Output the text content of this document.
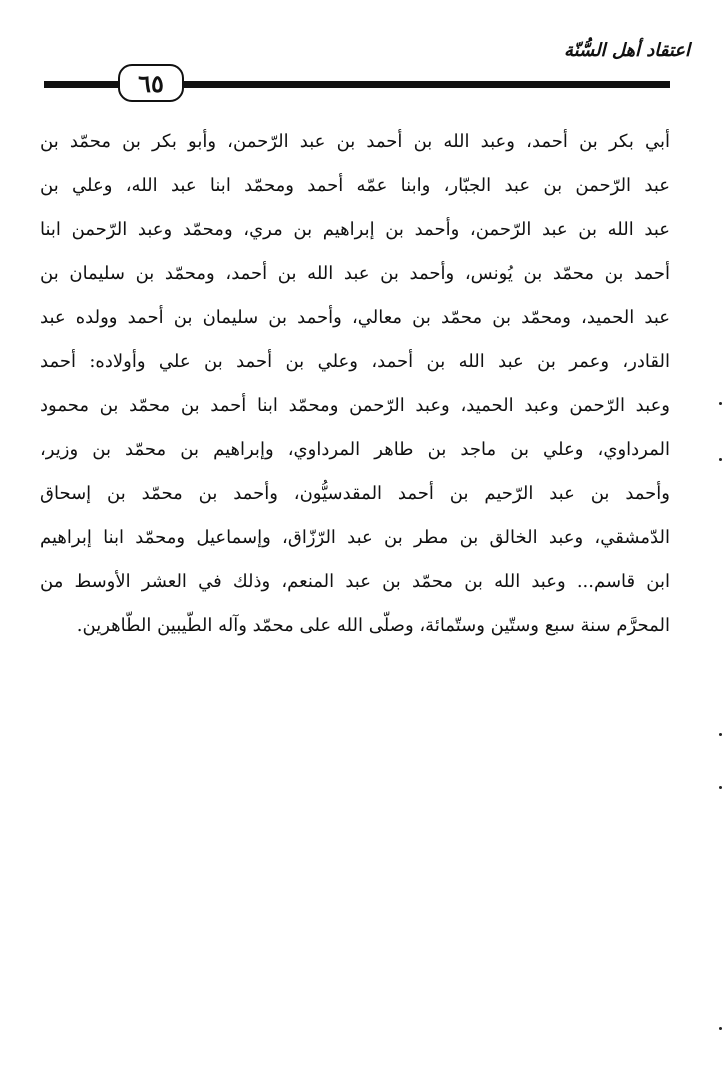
اعتقاد أهل السُّنّة
٦٥
أبي بكر بن أحمد، وعبد الله بن أحمد بن عبد الرّحمن، وأبو بكر بن محمّد بن
عبد الرّحمن بن عبد الجبّار، وابنا عمّه أحمد ومحمّد ابنا عبد الله، وعلي بن
عبد الله بن عبد الرّحمن، وأحمد بن إبراهيم بن مري، ومحمّد وعبد الرّحمن ابنا
أحمد بن محمّد بن يُونس، وأحمد بن عبد الله بن أحمد، ومحمّد بن سليمان بن
عبد الحميد، ومحمّد بن محمّد بن معالي، وأحمد بن سليمان بن أحمد وولده عبد
القادر، وعمر بن عبد الله بن أحمد، وعلي بن أحمد بن علي وأولاده: أحمد
وعبد الرّحمن وعبد الحميد، وعبد الرّحمن ومحمّد ابنا أحمد بن محمّد بن محمود
المرداوي، وعلي بن ماجد بن طاهر المرداوي، وإبراهيم بن محمّد بن وزير،
وأحمد بن عبد الرّحيم بن أحمد المقدسيُّون، وأحمد بن محمّد بن إسحاق
الدّمشقي، وعبد الخالق بن مطر بن عبد الرّزّاق، وإسماعيل ومحمّد ابنا إبراهيم
ابن قاسم... وعبد الله بن محمّد بن عبد المنعم، وذلك في العشر الأوسط من
المحرَّم سنة سبع وستّين وستّمائة، وصلّى الله على محمّد وآله الطّيبين الطّاهرين.
